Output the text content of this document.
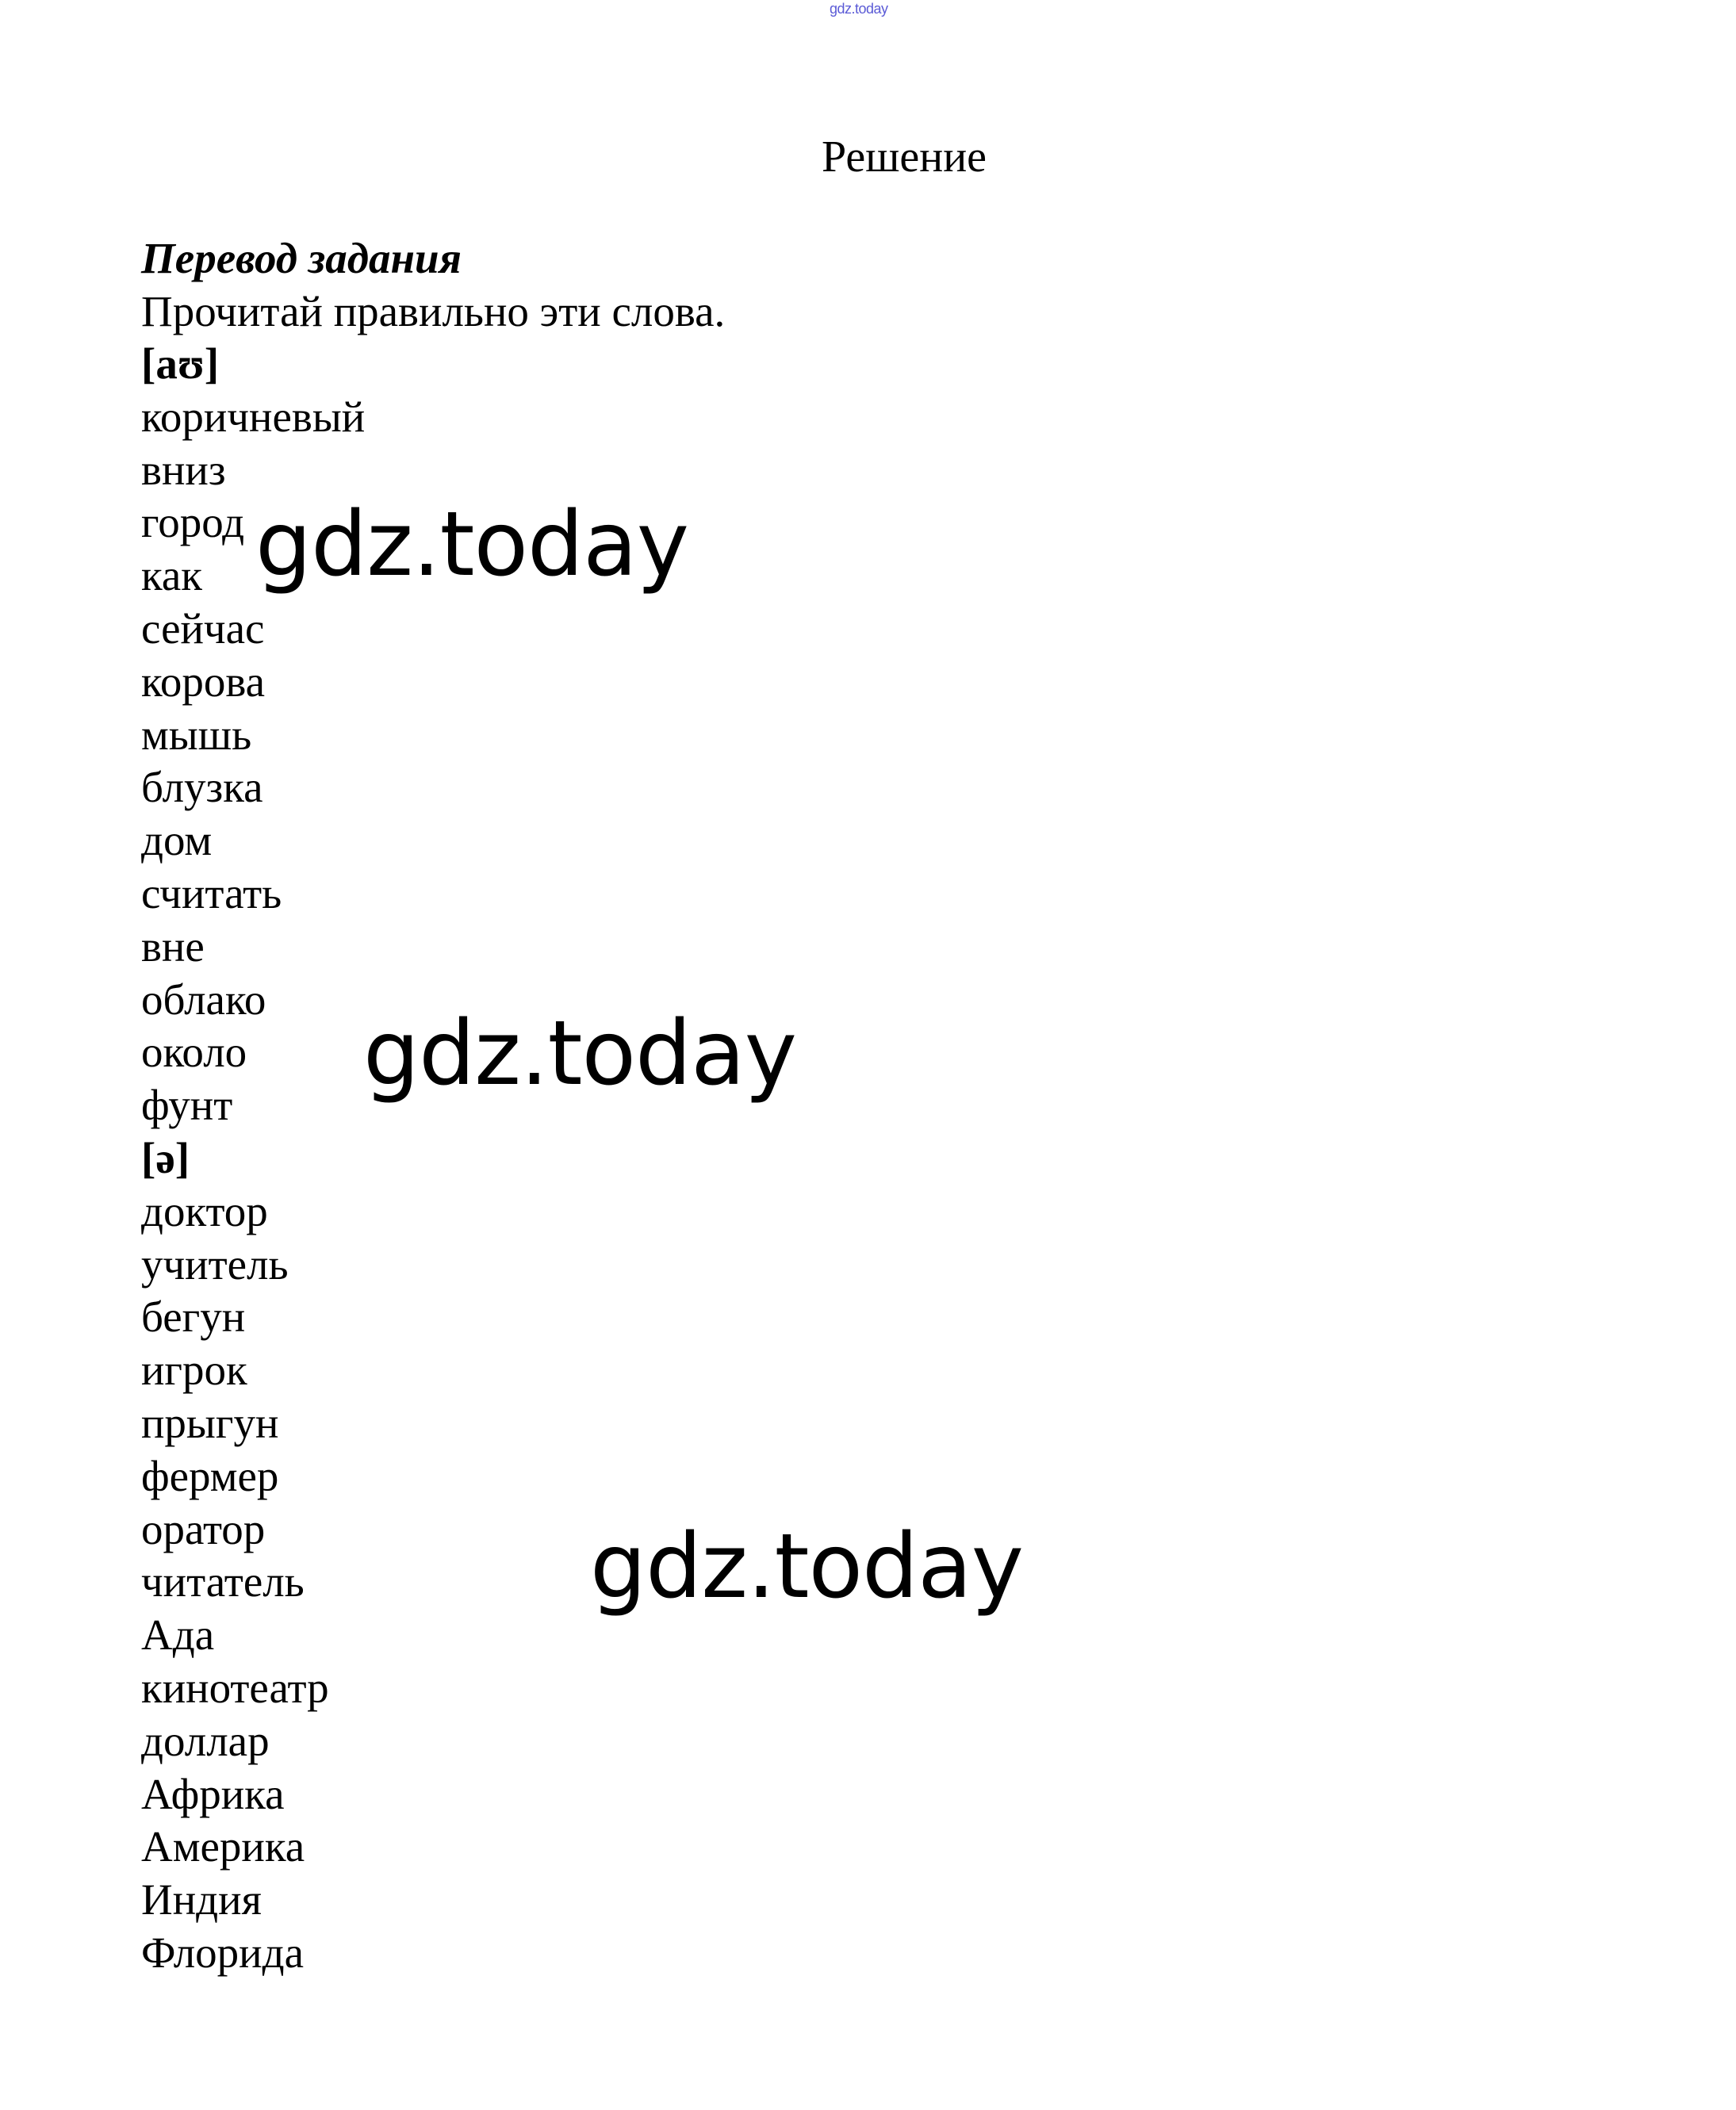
gdz.today
Решение
Перевод задания
Прочитай правильно эти слова.
[aʊ]
коричневый
вниз
город
как
сейчас
корова
мышь
блузка
дом
считать
вне
облако
около
фунт
[ə]
доктор
учитель
бегун
игрок
прыгун
фермер
оратор
читатель
Ада
кинотеатр
доллар
Африка
Америка
Индия
Флорида
gdz.today
gdz.today
gdz.today
